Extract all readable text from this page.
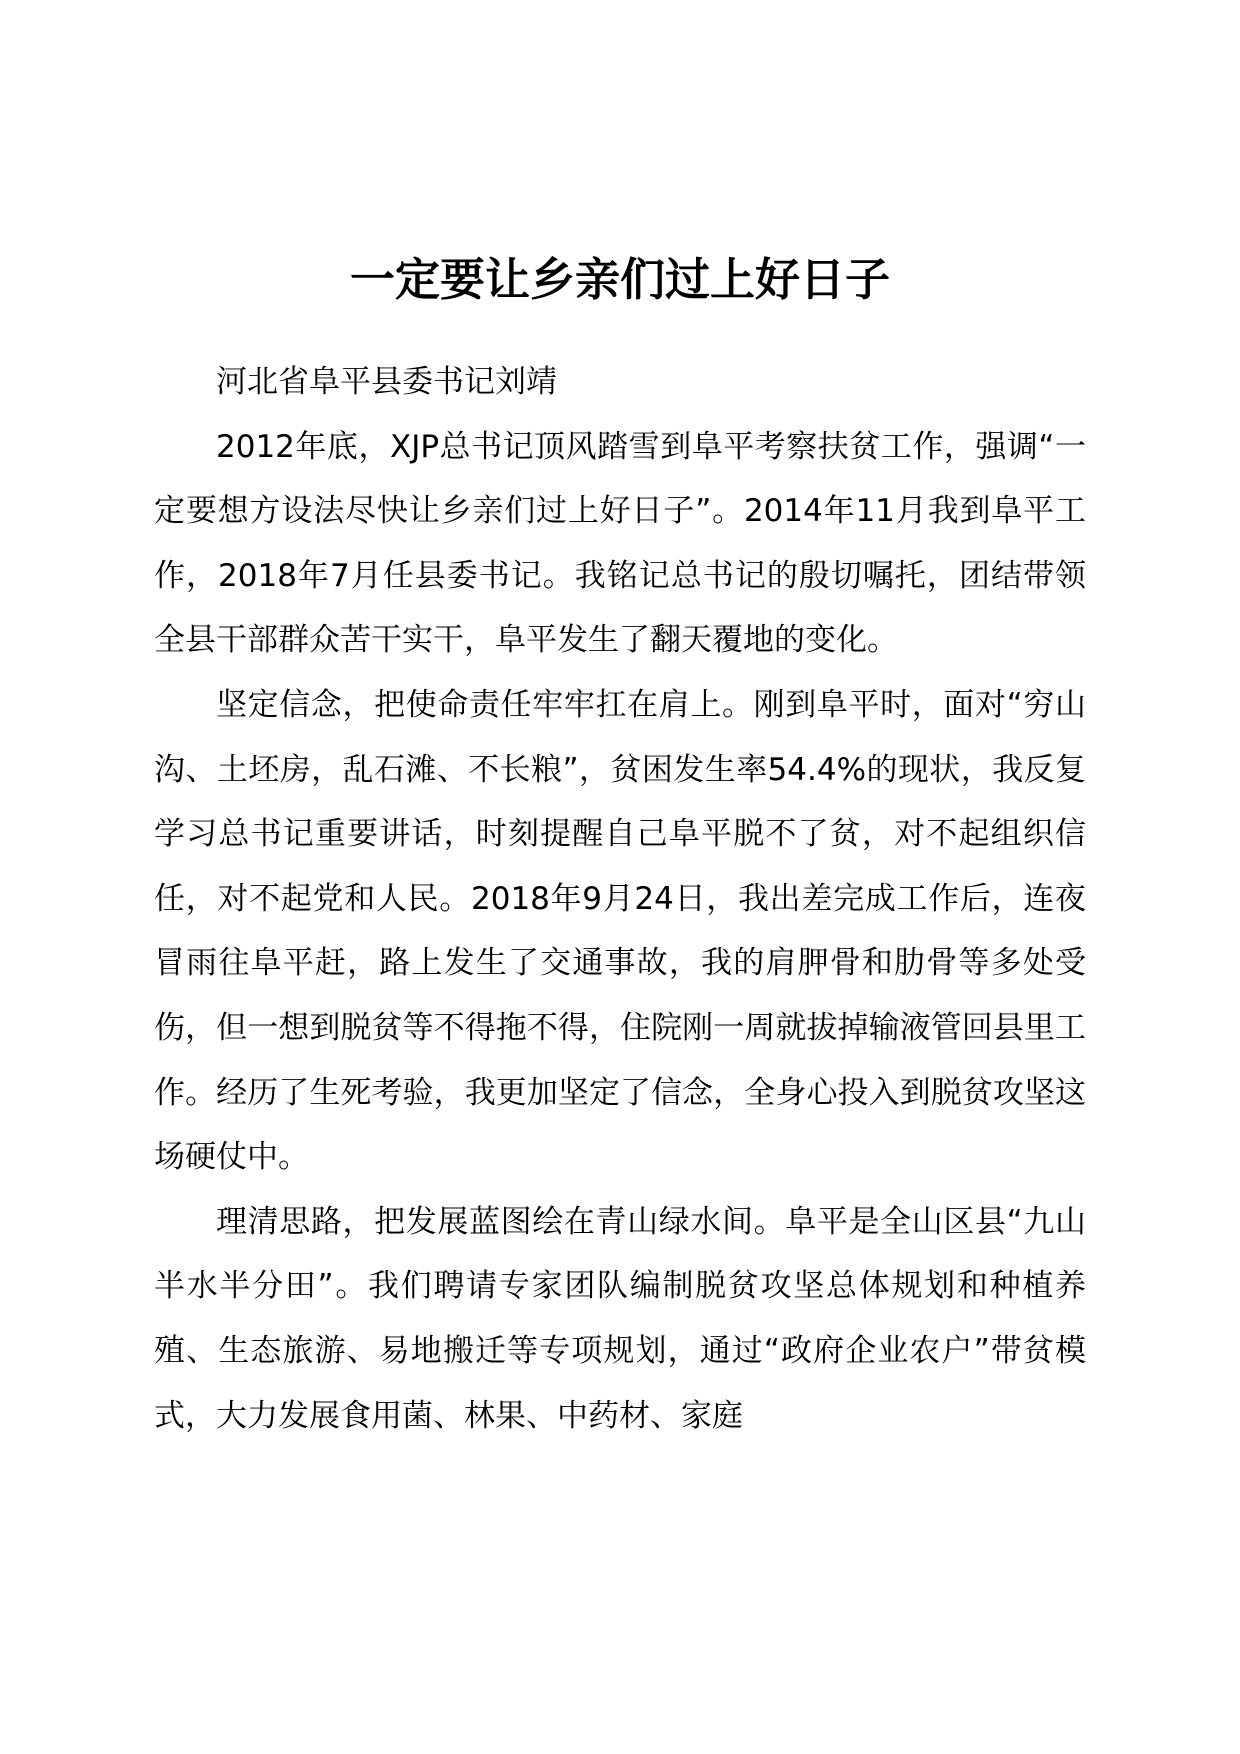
一定要让乡亲们过上好日子

河北省阜平县委书记刘靖

2012年底，XJP总书记顶风踏雪到阜平考察扶贫工作，强调“一定要想方设法尽快让乡亲们过上好日子”。2014年11月我到阜平工作，2018年7月任县委书记。我铭记总书记的殷切嘱托，团结带领全县干部群众苦干实干，阜平发生了翻天覆地的变化。

坚定信念，把使命责任牢牢扛在肩上。刚到阜平时，面对“穷山沟、土坯房，乱石滩、不长粮”，贫困发生率54.4%的现状，我反复学习总书记重要讲话，时刻提醒自己阜平脱不了贫，对不起组织信任，对不起党和人民。2018年9月24日，我出差完成工作后，连夜冒雨往阜平赶，路上发生了交通事故，我的肩胛骨和肋骨等多处受伤，但一想到脱贫等不得拖不得，住院刚一周就拔掉输液管回县里工作。经历了生死考验，我更加坚定了信念，全身心投入到脱贫攻坚这场硬仗中。

理清思路，把发展蓝图绘在青山绿水间。阜平是全山区县“九山半水半分田”。我们聘请专家团队编制脱贫攻坚总体规划和种植养殖、生态旅游、易地搬迁等专项规划，通过“政府企业农户”带贫模式，大力发展食用菌、林果、中药材、家庭
